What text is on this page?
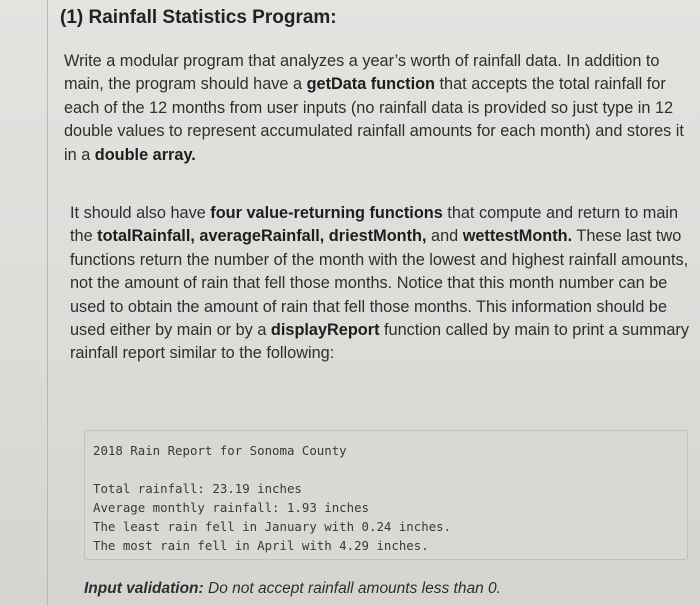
(1) Rainfall Statistics Program:

Write a modular program that analyzes a year’s worth of rainfall data. In addition to main, the program should have a getData function that accepts the total rainfall for each of the 12 months from user inputs (no rainfall data is provided so just type in 12 double values to represent accumulated rainfall amounts for each month) and stores it in a double array.

It should also have four value-returning functions that compute and return to main the totalRainfall, averageRainfall, driestMonth, and wettestMonth. These last two functions return the number of the month with the lowest and highest rainfall amounts, not the amount of rain that fell those months. Notice that this month number can be used to obtain the amount of rain that fell those months. This information should be used either by main or by a displayReport function called by main to print a summary rainfall report similar to the following:

2018 Rain Report for Sonoma County
Total rainfall: 23.19 inches
Average monthly rainfall: 1.93 inches
The least rain fell in January with 0.24 inches.
The most rain fell in April with 4.29 inches.

Input validation: Do not accept rainfall amounts less than 0.
